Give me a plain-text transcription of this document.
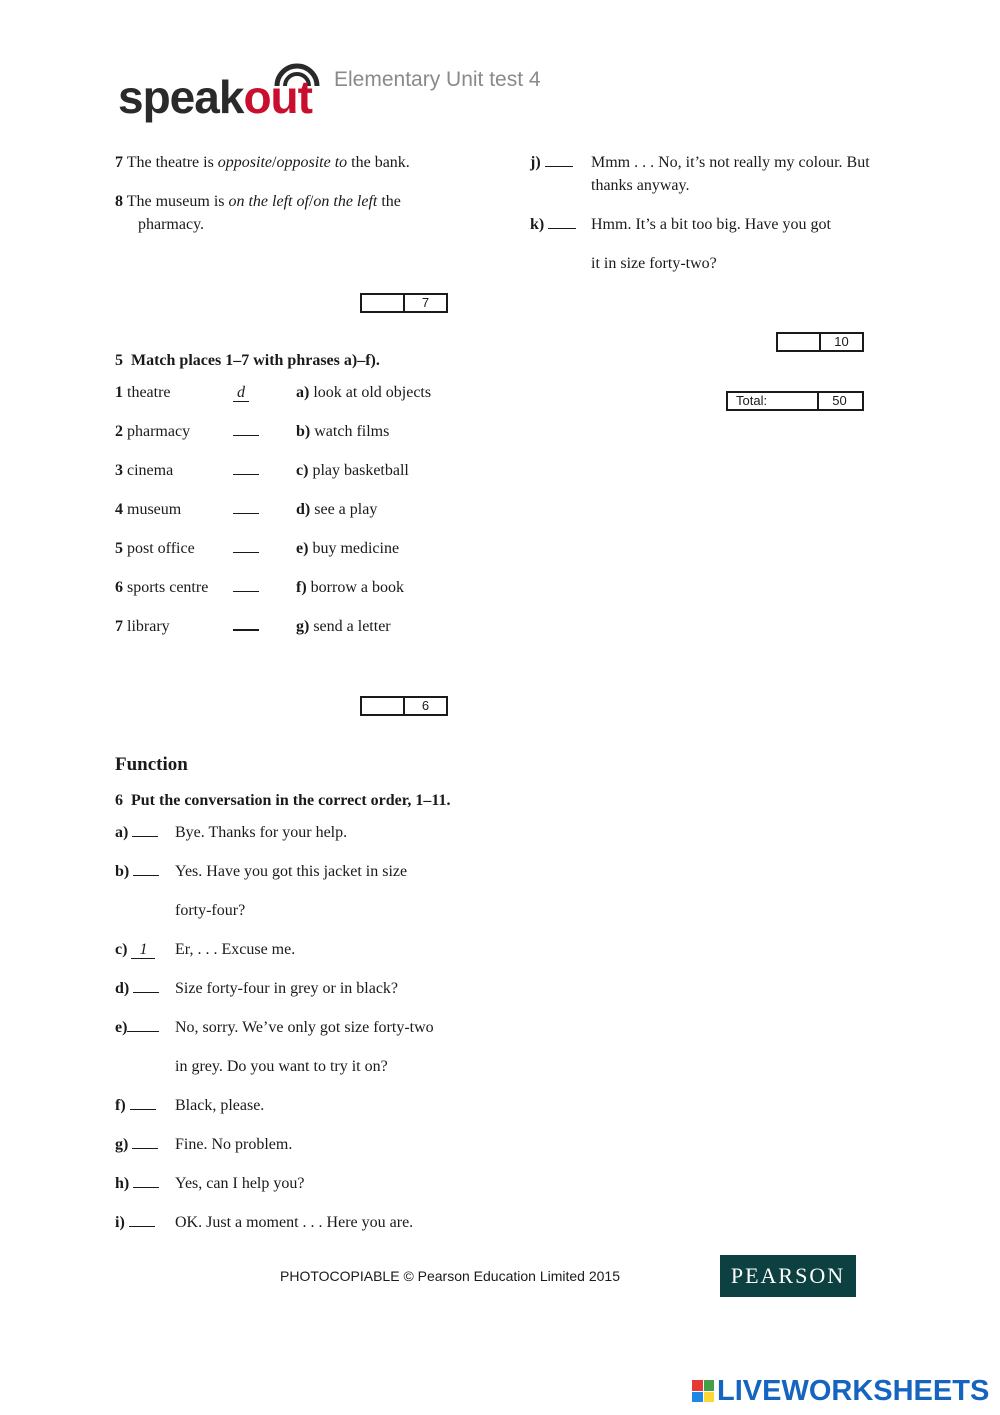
speakout Elementary Unit test 4
7 The theatre is opposite/opposite to the bank.
8 The museum is on the left of/on the left the
pharmacy.
7
j)	Mmm . . . No, it’s not really my colour. But
thanks anyway.
k)	Hmm. It’s a bit too big. Have you got
it in size forty-two?
10
Total:	50
5 Match places 1–7 with phrases a)–f).
1 theatre	d	a) look at old objects
2 pharmacy	b) watch films
3 cinema	c) play basketball
4 museum	d) see a play
5 post office	e) buy medicine
6 sports centre	f) borrow a book
7 library	g) send a letter
6
Function
6 Put the conversation in the correct order, 1–11.
a)	Bye. Thanks for your help.
b)	Yes. Have you got this jacket in size
forty-four?
c) 1	Er, . . . Excuse me.
d)	Size forty-four in grey or in black?
e)	No, sorry. We’ve only got size forty-two
in grey. Do you want to try it on?
f)	Black, please.
g)	Fine. No problem.
h)	Yes, can I help you?
i)	OK. Just a moment . . . Here you are.
PHOTOCOPIABLE © Pearson Education Limited 2015	PEARSON
LIVEWORKSHEETS
